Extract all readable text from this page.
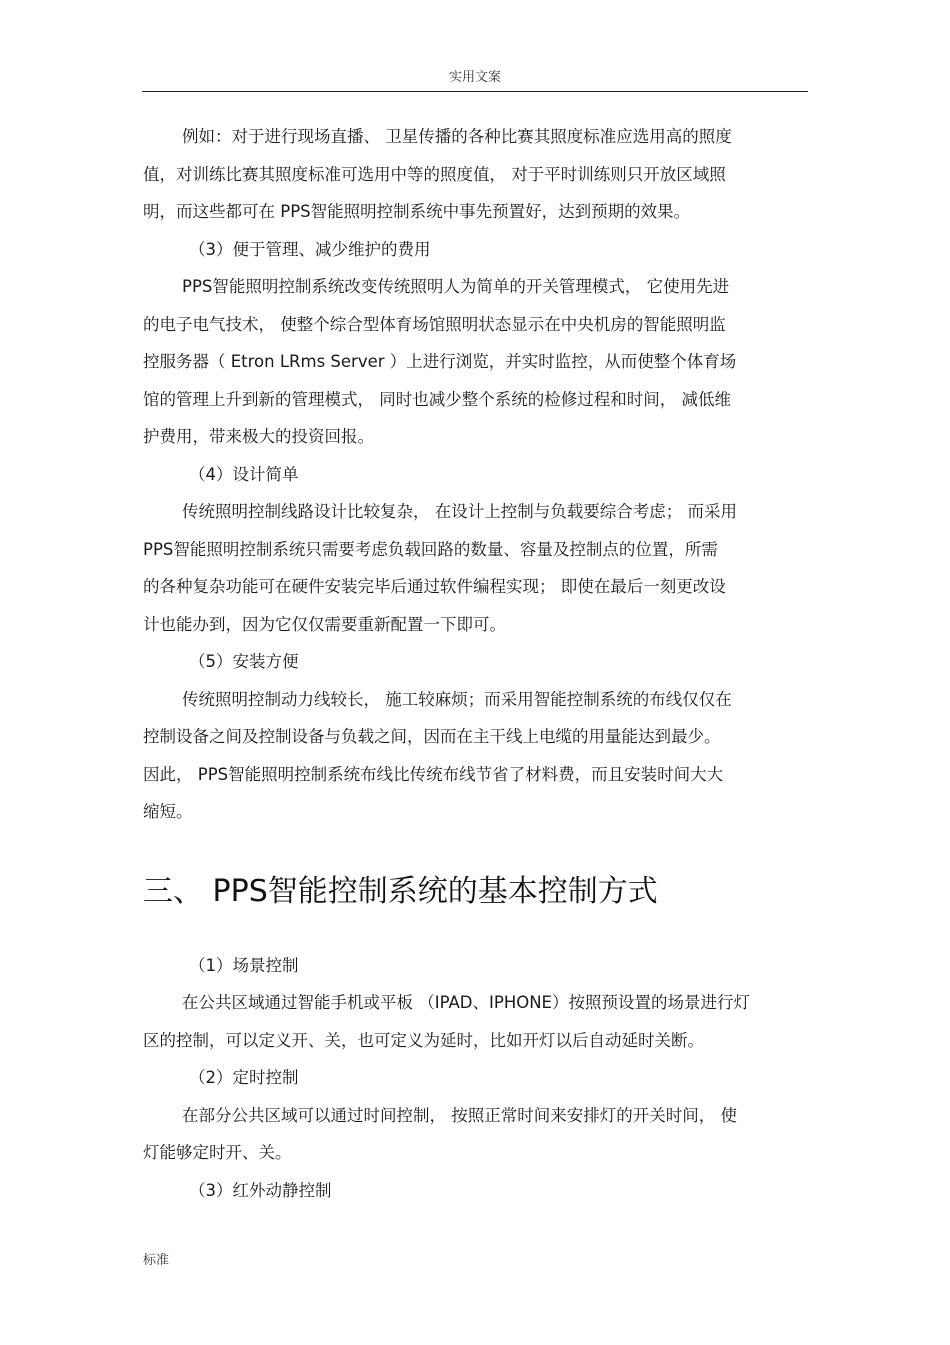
实用文案
例如：对于进行现场直播、 卫星传播的各种比赛其照度标准应选用高的照度
值，对训练比赛其照度标准可选用中等的照度值， 对于平时训练则只开放区域照
明，而这些都可在 PPS智能照明控制系统中事先预置好，达到预期的效果。
（3）便于管理、减少维护的费用
PPS智能照明控制系统改变传统照明人为简单的开关管理模式， 它使用先进
的电子电气技术， 使整个综合型体育场馆照明状态显示在中央机房的智能照明监
控服务器（ Etron LRms Server ）上进行浏览，并实时监控，从而使整个体育场
馆的管理上升到新的管理模式， 同时也减少整个系统的检修过程和时间， 减低维
护费用，带来极大的投资回报。
（4）设计简单
传统照明控制线路设计比较复杂， 在设计上控制与负载要综合考虑； 而采用
PPS智能照明控制系统只需要考虑负载回路的数量、容量及控制点的位置，所需
的各种复杂功能可在硬件安装完毕后通过软件编程实现； 即使在最后一刻更改设
计也能办到，因为它仅仅需要重新配置一下即可。
（5）安装方便
传统照明控制动力线较长， 施工较麻烦；而采用智能控制系统的布线仅仅在
控制设备之间及控制设备与负载之间，因而在主干线上电缆的用量能达到最少。
因此， PPS智能照明控制系统布线比传统布线节省了材料费，而且安装时间大大
缩短。
三、 PPS智能控制系统的基本控制方式
（1）场景控制
在公共区域通过智能手机或平板 （IPAD、IPHONE）按照预设置的场景进行灯
区的控制，可以定义开、关，也可定义为延时，比如开灯以后自动延时关断。
（2）定时控制
在部分公共区域可以通过时间控制， 按照正常时间来安排灯的开关时间， 使
灯能够定时开、关。
（3）红外动静控制
标准
